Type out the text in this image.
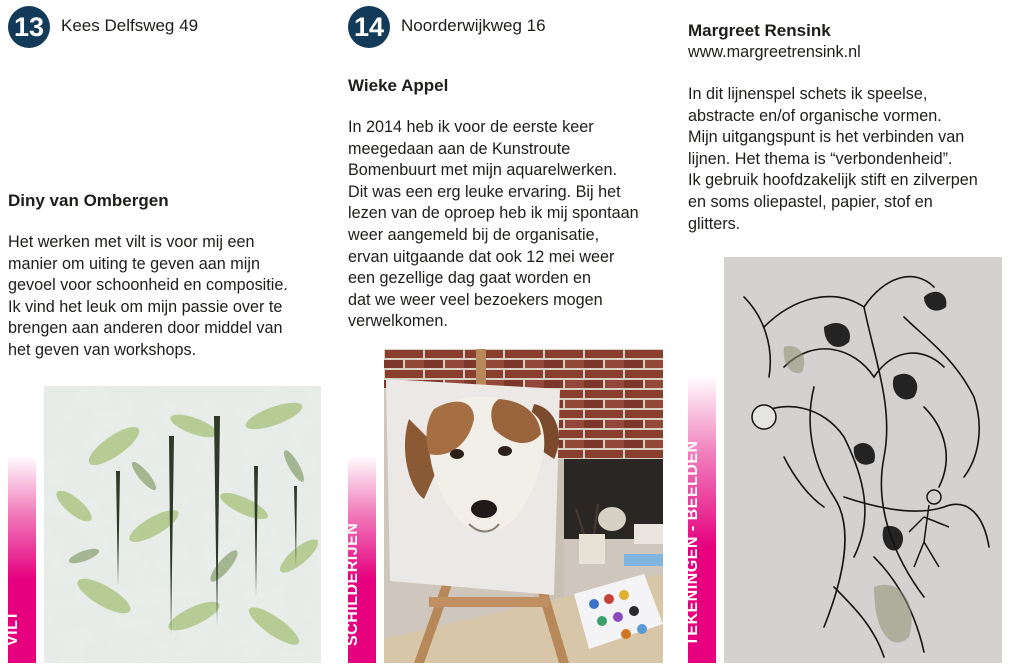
13 Kees Delfsweg 49
Diny van Ombergen

Het werken met vilt is voor mij een

manier om uiting te geven aan mijn

gevoel voor schoonheid en compositie.

Ik vind het leuk om mijn passie over te

brengen aan anderen door middel van

het geven van workshops.

VILT
14 Noorderwijkweg 16
Wieke Appel

In 2014 heb ik voor de eerste keer

meegedaan aan de Kunstroute

Bomenbuurt met mijn aquarelwerken.

Dit was een erg leuke ervaring. Bij het

lezen van de oproep heb ik mij spontaan

weer aangemeld bij de organisatie,

ervan uitgaande dat ook 12 mei weer

een gezellige dag gaat worden en

dat we weer veel bezoekers mogen

verwelkomen.

SCHILDERIJEN
Margreet Rensink
www.margreetrensink.nl

In dit lijnenspel schets ik speelse,

abstracte en/of organische vormen.

Mijn uitgangspunt is het verbinden van

lijnen. Het thema is “verbondenheid”.

Ik gebruik hoofdzakelijk stift en zilverpen

en soms oliepastel, papier, stof en

glitters.

TEKENINGEN - BEELDEN
